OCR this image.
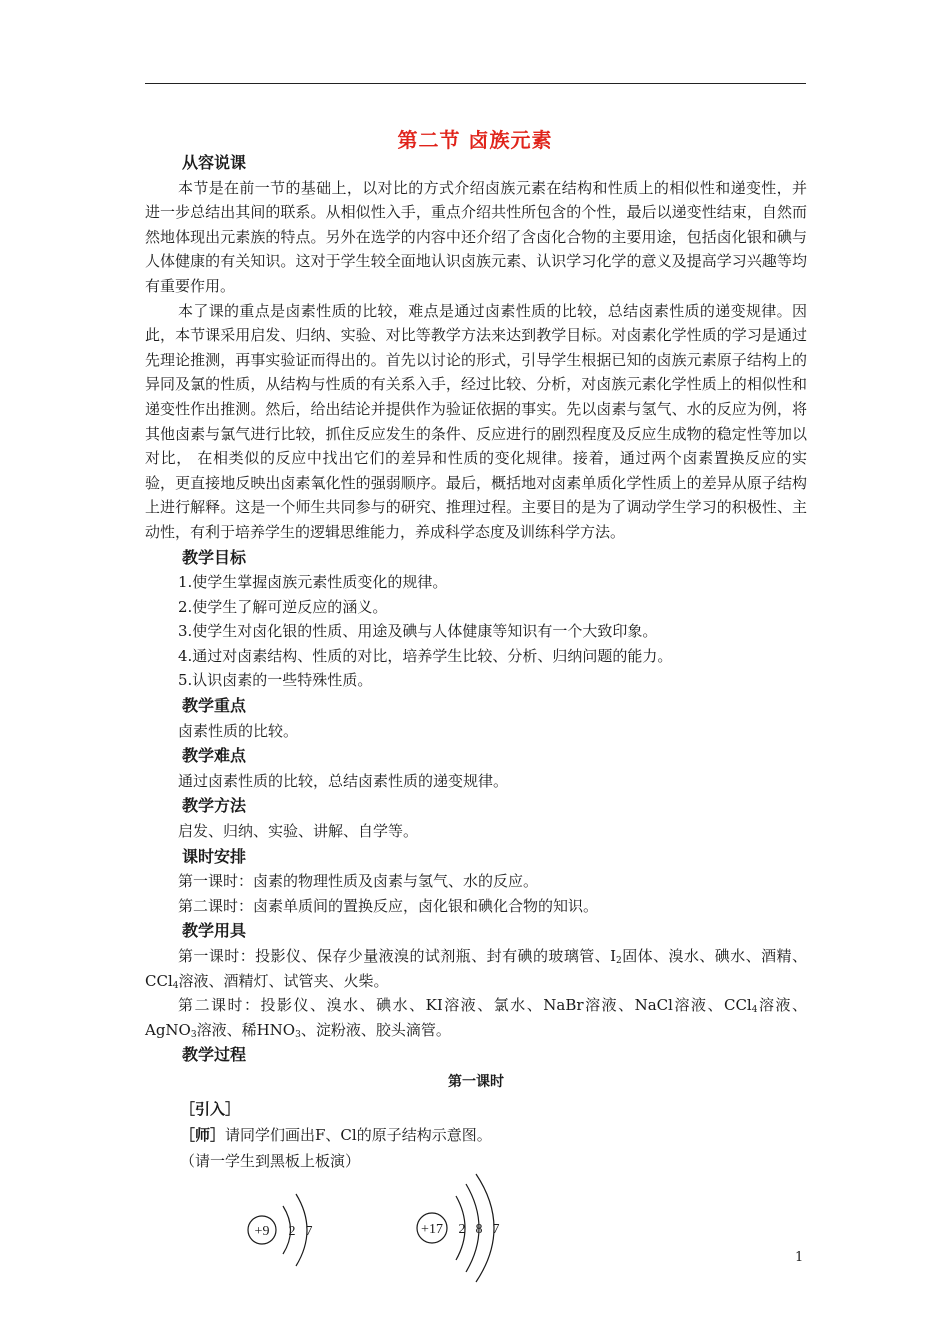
第二节 卤族元素
从容说课

本节是在前一节的基础上，以对比的方式介绍卤族元素在结构和性质上的相似性和递变性，并进一步总结出其间的联系。从相似性入手，重点介绍共性所包含的个性，最后以递变性结束，自然而然地体现出元素族的特点。另外在选学的内容中还介绍了含卤化合物的主要用途，包括卤化银和碘与人体健康的有关知识。这对于学生较全面地认识卤族元素、认识学习化学的意义及提高学习兴趣等均有重要作用。

本了课的重点是卤素性质的比较，难点是通过卤素性质的比较，总结卤素性质的递变规律。因此，本节课采用启发、归纳、实验、对比等教学方法来达到教学目标。对卤素化学性质的学习是通过先理论推测，再事实验证而得出的。首先以讨论的形式，引导学生根据已知的卤族元素原子结构上的异同及氯的性质，从结构与性质的有关系入手，经过比较、分析，对卤族元素化学性质上的相似性和递变性作出推测。然后，给出结论并提供作为验证依据的事实。先以卤素与氢气、水的反应为例，将其他卤素与氯气进行比较，抓住反应发生的条件、反应进行的剧烈程度及反应生成物的稳定性等加以对比， 在相类似的反应中找出它们的差异和性质的变化规律。接着，通过两个卤素置换反应的实验，更直接地反映出卤素氧化性的强弱顺序。最后，概括地对卤素单质化学性质上的差异从原子结构上进行解释。这是一个师生共同参与的研究、推理过程。主要目的是为了调动学生学习的积极性、主动性，有利于培养学生的逻辑思维能力，养成科学态度及训练科学方法。

教学目标

1.使学生掌握卤族元素性质变化的规律。

2.使学生了解可逆反应的涵义。

3.使学生对卤化银的性质、用途及碘与人体健康等知识有一个大致印象。

4.通过对卤素结构、性质的对比，培养学生比较、分析、归纳问题的能力。

5.认识卤素的一些特殊性质。

教学重点

卤素性质的比较。

教学难点

通过卤素性质的比较，总结卤素性质的递变规律。

教学方法

启发、归纳、实验、讲解、自学等。

课时安排

第一课时：卤素的物理性质及卤素与氢气、水的反应。

第二课时：卤素单质间的置换反应，卤化银和碘化合物的知识。

教学用具

第一课时：投影仪、保存少量液溴的试剂瓶、封有碘的玻璃管、$I_2$固体、溴水、碘水、酒精、CCl$_4$溶液、酒精灯、试管夹、火柴。

第二课时：投影仪、溴水、碘水、KI溶液、氯水、NaBr溶液、NaCl溶液、CCl$_4$溶液、AgNO$_3$溶液、稀$HNO_3$、淀粉液、胶头滴管。

教学过程
第一课时
［引入］
［师］请同学们画出F、Cl的原子结构示意图。
（请一学生到黑板上板演）
+9 2 7	+17 2 8 7
1
